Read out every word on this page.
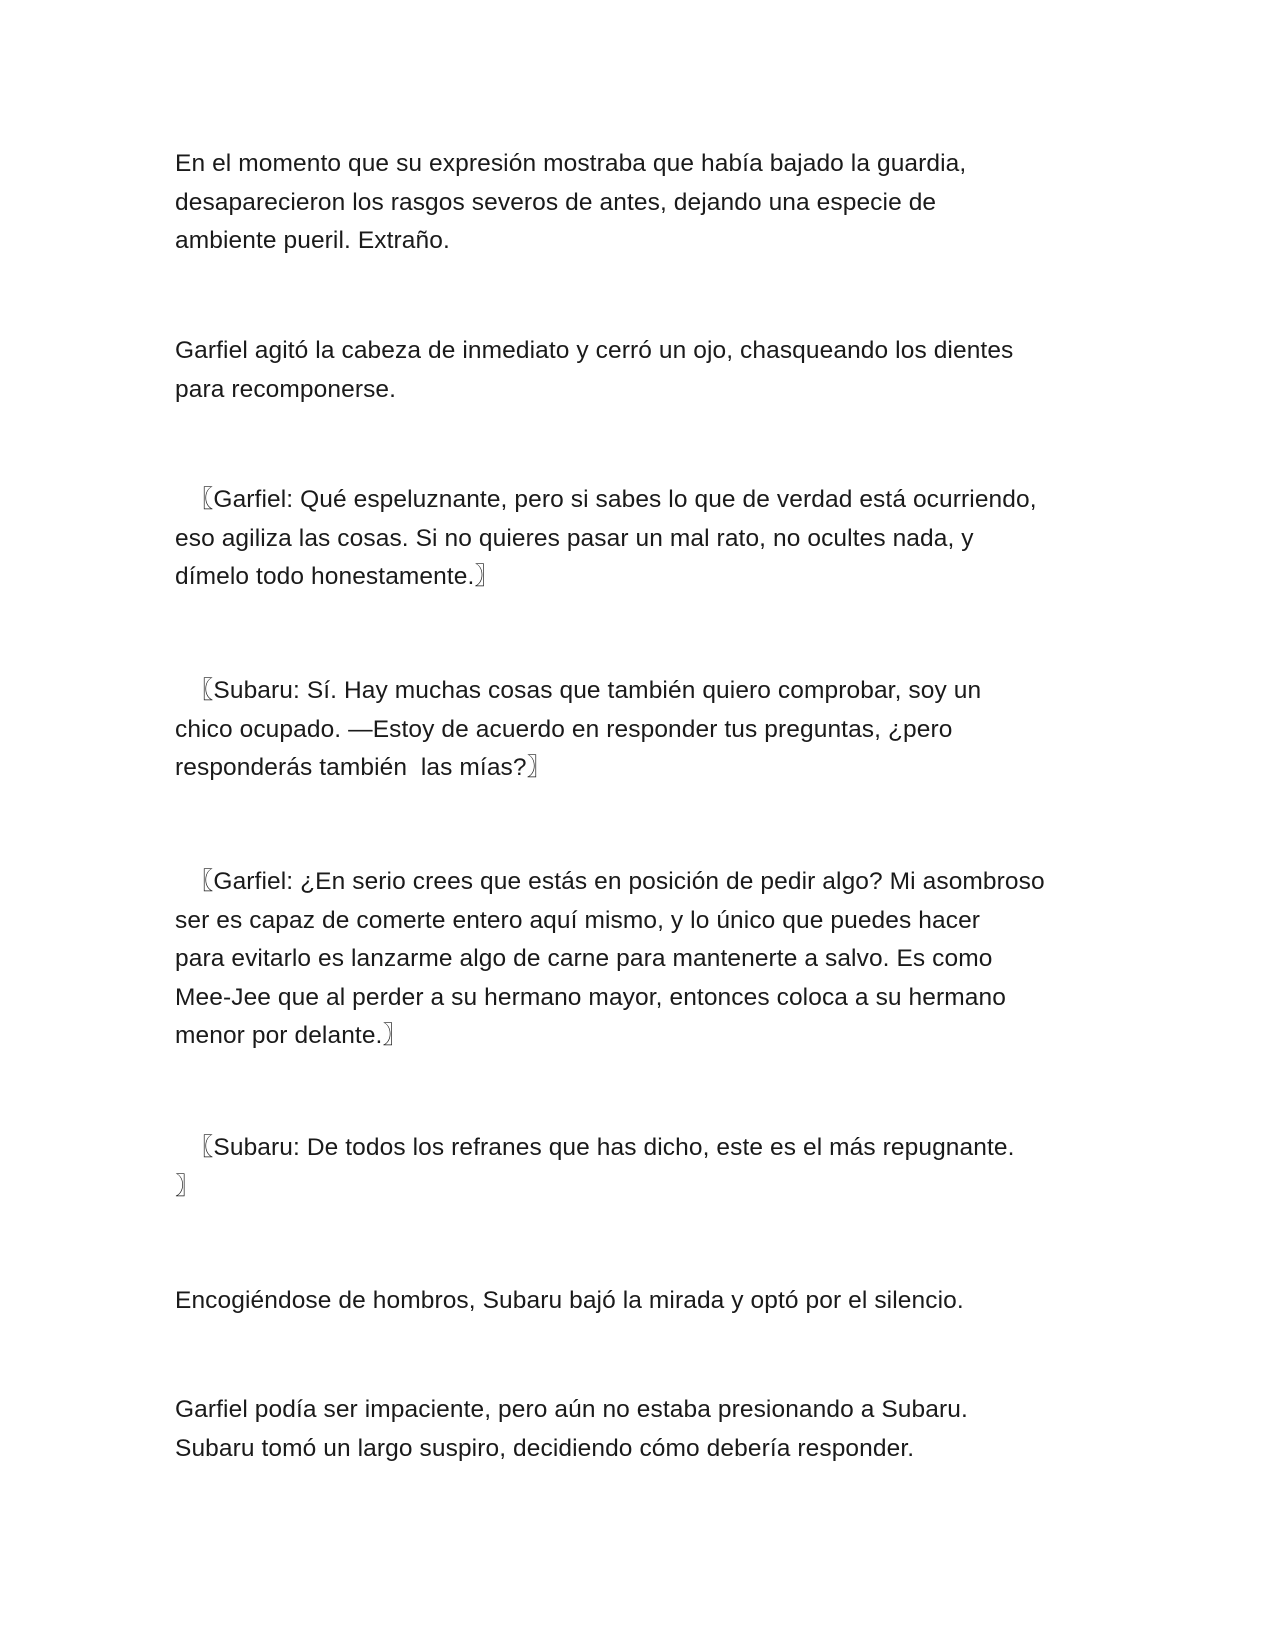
En el momento que su expresión mostraba que había bajado la guardia,
desaparecieron los rasgos severos de antes, dejando una especie de
ambiente pueril. Extraño.

Garfiel agitó la cabeza de inmediato y cerró un ojo, chasqueando los dientes
para recomponerse.

〖Garfiel: Qué espeluznante, pero si sabes lo que de verdad está ocurriendo,
eso agiliza las cosas. Si no quieres pasar un mal rato, no ocultes nada, y
dímelo todo honestamente.〗

〖Subaru: Sí. Hay muchas cosas que también quiero comprobar, soy un
chico ocupado. —Estoy de acuerdo en responder tus preguntas, ¿pero
responderás también  las mías?〗

〖Garfiel: ¿En serio crees que estás en posición de pedir algo? Mi asombroso
ser es capaz de comerte entero aquí mismo, y lo único que puedes hacer
para evitarlo es lanzarme algo de carne para mantenerte a salvo. Es como
Mee-Jee que al perder a su hermano mayor, entonces coloca a su hermano
menor por delante.〗

〖Subaru: De todos los refranes que has dicho, este es el más repugnante.
〗

Encogiéndose de hombros, Subaru bajó la mirada y optó por el silencio.

Garfiel podía ser impaciente, pero aún no estaba presionando a Subaru.
Subaru tomó un largo suspiro, decidiendo cómo debería responder.
